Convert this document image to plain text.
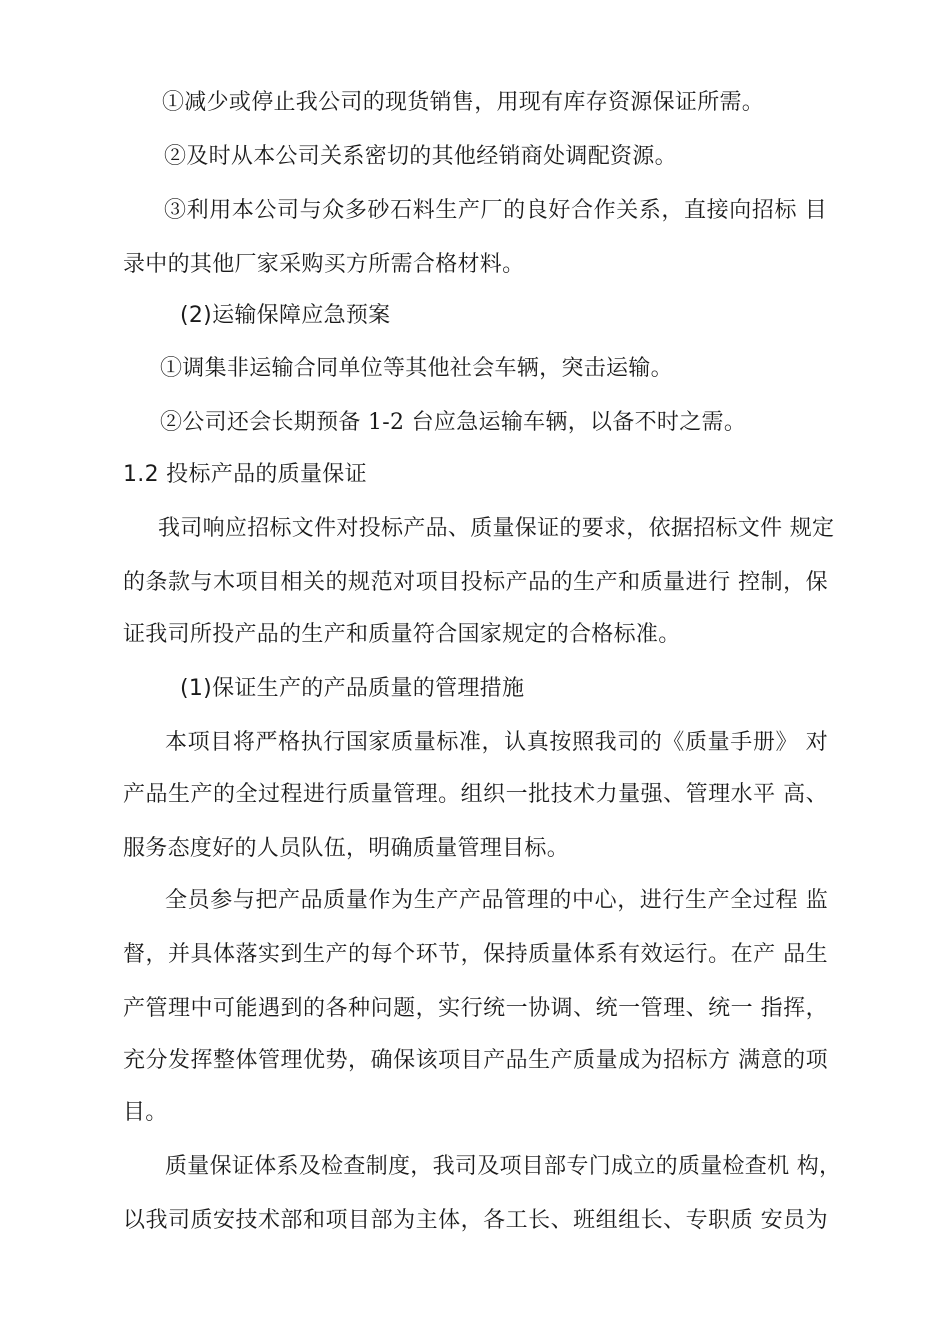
①减少或停止我公司的现货销售，用现有库存资源保证所需。
②及时从本公司关系密切的其他经销商处调配资源。
③利用本公司与众多砂石料生产厂的良好合作关系，直接向招标 目
录中的其他厂家采购买方所需合格材料。
(2)运输保障应急预案
①调集非运输合同单位等其他社会车辆，突击运输。
②公司还会长期预备 1-2 台应急运输车辆，以备不时之需。
1.2 投标产品的质量保证
我司响应招标文件对投标产品、质量保证的要求，依据招标文件 规定
的条款与木项目相关的规范对项目投标产品的生产和质量进行 控制，保
证我司所投产品的生产和质量符合国家规定的合格标准。
(1)保证生产的产品质量的管理措施
本项目将严格执行国家质量标准，认真按照我司的《质量手册》 对
产品生产的全过程进行质量管理。组织一批技术力量强、管理水平 高、
服务态度好的人员队伍，明确质量管理目标。
全员参与把产品质量作为生产产品管理的中心，进行生产全过程 监
督，并具体落实到生产的每个环节，保持质量体系有效运行。在产 品生
产管理中可能遇到的各种问题，实行统一协调、统一管理、统一 指挥，
充分发挥整体管理优势，确保该项目产品生产质量成为招标方 满意的项
目。
质量保证体系及检查制度，我司及项目部专门成立的质量检查机 构，
以我司质安技术部和项目部为主体，各工长、班组组长、专职质 安员为
